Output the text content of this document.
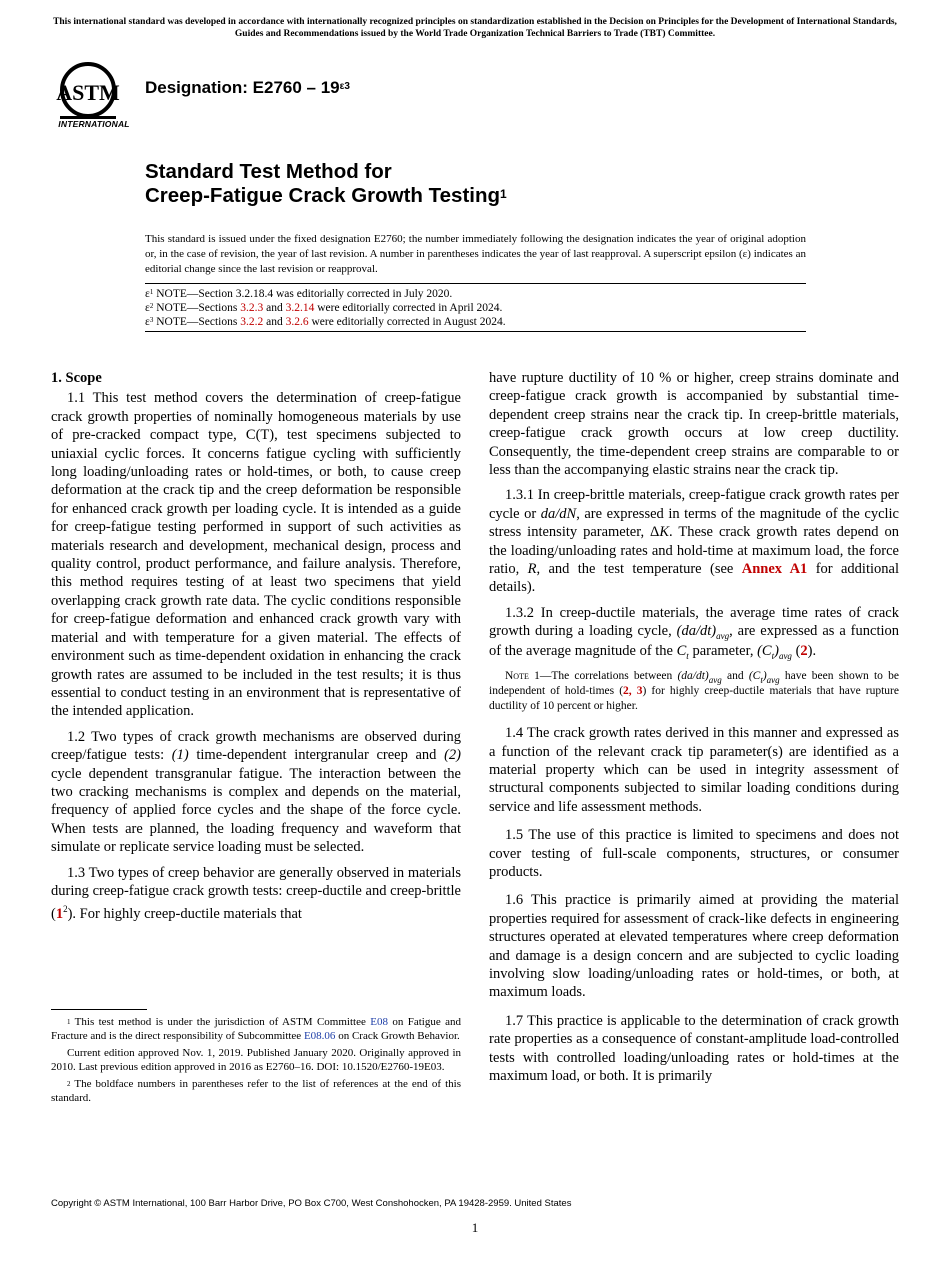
This international standard was developed in accordance with internationally recognized principles on standardization established in the Decision on Principles for the Development of International Standards, Guides and Recommendations issued by the World Trade Organization Technical Barriers to Trade (TBT) Committee.
ASTM
INTERNATIONAL
Designation: $E2760 - 19^{\varepsilon 3}$
Standard Test Method for
Creep-Fatigue Crack Growth Testing$^1$
This standard is issued under the fixed designation E2760; the number immediately following the designation indicates the year of original adoption or, in the case of revision, the year of last revision. A number in parentheses indicates the year of last reapproval. A superscript epsilon (ε) indicates an editorial change since the last revision or reapproval.
$\varepsilon^1$ NOTE—Section 3.2.18.4 was editorially corrected in July 2020.
$\varepsilon^2$ NOTE—Sections 3.2.3 and 3.2.14 were editorially corrected in April 2024.
$\varepsilon^3$ NOTE—Sections 3.2.2 and 3.2.6 were editorially corrected in August 2024.
1. Scope

1.1 This test method covers the determination of creep-fatigue crack growth properties of nominally homogeneous materials by use of pre-cracked compact type, C(T), test specimens subjected to uniaxial cyclic forces. It concerns fatigue cycling with sufficiently long loading/unloading rates or hold-times, or both, to cause creep deformation at the crack tip and the creep deformation be responsible for enhanced crack growth per loading cycle. It is intended as a guide for creep-fatigue testing performed in support of such activities as materials research and development, mechanical design, process and quality control, product performance, and failure analysis. Therefore, this method requires testing of at least two specimens that yield overlapping crack growth rate data. The cyclic conditions responsible for creep-fatigue deformation and enhanced crack growth vary with material and with temperature for a given material. The effects of environment such as time-dependent oxidation in enhancing the crack growth rates are assumed to be included in the test results; it is thus essential to conduct testing in an environment that is representative of the intended application.

1.2 Two types of crack growth mechanisms are observed during creep/fatigue tests: (1) time-dependent intergranular creep and (2) cycle dependent transgranular fatigue. The interaction between the two cracking mechanisms is complex and depends on the material, frequency of applied force cycles and the shape of the force cycle. When tests are planned, the loading frequency and waveform that simulate or replicate service loading must be selected.

1.3 Two types of creep behavior are generally observed in materials during creep-fatigue crack growth tests: creep-ductile and creep-brittle $(1^2)$. For highly creep-ductile materials that

$^1$ This test method is under the jurisdiction of ASTM Committee E08 on Fatigue and Fracture and is the direct responsibility of Subcommittee E08.06 on Crack Growth Behavior.

Current edition approved Nov. 1, 2019. Published January 2020. Originally approved in 2010. Last previous edition approved in 2016 as E2760–16. DOI: 10.1520/E2760-19E03.

$^2$ The boldface numbers in parentheses refer to the list of references at the end of this standard.

have rupture ductility of 10 % or higher, creep strains dominate and creep-fatigue crack growth is accompanied by substantial time-dependent creep strains near the crack tip. In creep-brittle materials, creep-fatigue crack growth occurs at low creep ductility. Consequently, the time-dependent creep strains are comparable to or less than the accompanying elastic strains near the crack tip.

1.3.1 In creep-brittle materials, creep-fatigue crack growth rates per cycle or da/dN, are expressed in terms of the magnitude of the cyclic stress intensity parameter, ΔK. These crack growth rates depend on the loading/unloading rates and hold-time at maximum load, the force ratio, R, and the test temperature (see Annex A1 for additional details).

1.3.2 In creep-ductile materials, the average time rates of crack growth during a loading cycle, $(da/dt)_{avg}$, are expressed as a function of the average magnitude of the $C_t$ parameter, $(C_t)_{avg}$ (2).

Note 1—The correlations between $(da/dt)_{avg}$ and $(C_t)_{avg}$ have been shown to be independent of hold-times (2, 3) for highly creep-ductile materials that have rupture ductility of 10 percent or higher.

1.4 The crack growth rates derived in this manner and expressed as a function of the relevant crack tip parameter(s) are identified as a material property which can be used in integrity assessment of structural components subjected to similar loading conditions during service and life assessment methods.

1.5 The use of this practice is limited to specimens and does not cover testing of full-scale components, structures, or consumer products.

1.6 This practice is primarily aimed at providing the material properties required for assessment of crack-like defects in engineering structures operated at elevated temperatures where creep deformation and damage is a design concern and are subjected to cyclic loading involving slow loading/unloading rates or hold-times, or both, at maximum loads.

1.7 This practice is applicable to the determination of crack growth rate properties as a consequence of constant-amplitude load-controlled tests with controlled loading/unloading rates or hold-times at the maximum load, or both. It is primarily

Copyright © ASTM International, 100 Barr Harbor Drive, PO Box C700, West Conshohocken, PA 19428-2959. United States
1
